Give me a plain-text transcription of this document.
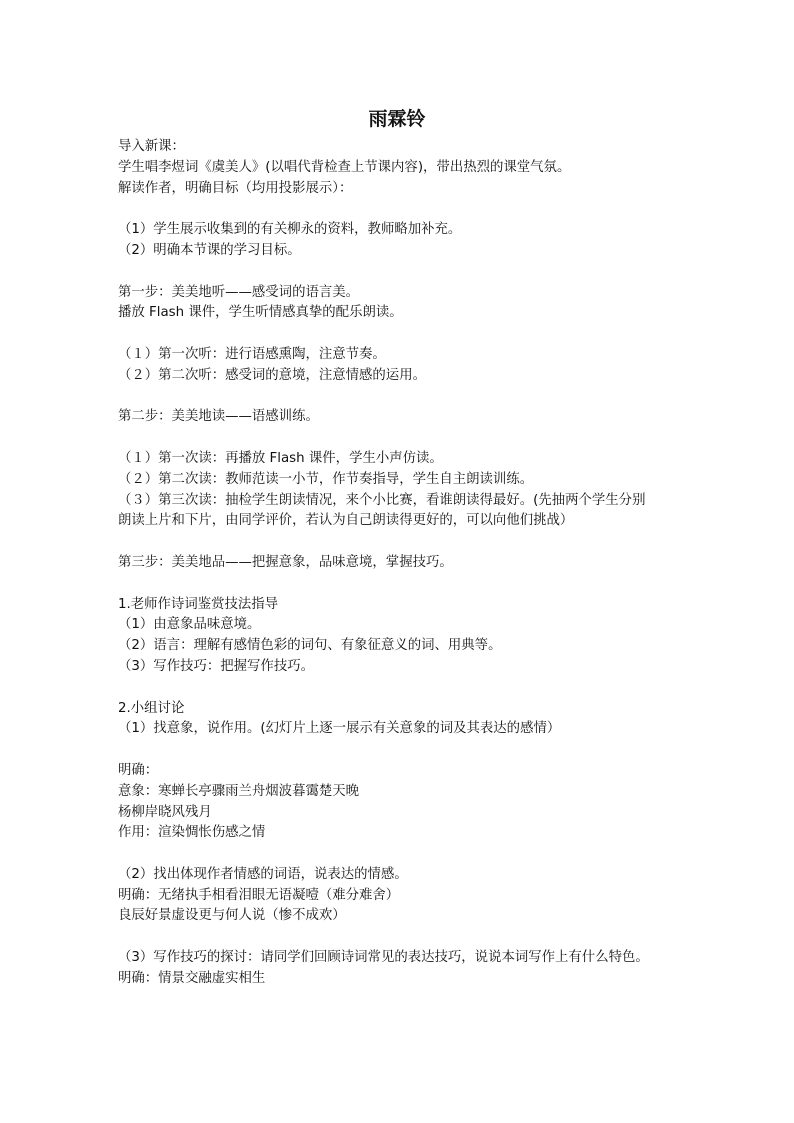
雨霖铃
导入新课：
学生唱李煜词《虞美人》(以唱代背检查上节课内容)，带出热烈的课堂气氛。
解读作者，明确目标（均用投影展示）：
（1）学生展示收集到的有关柳永的资料，教师略加补充。
（2）明确本节课的学习目标。
第一步：美美地听——感受词的语言美。
播放 Flash 课件，学生听情感真挚的配乐朗读。
（１）第一次听：进行语感熏陶，注意节奏。
（２）第二次听：感受词的意境，注意情感的运用。
第二步：美美地读——语感训练。
（１）第一次读：再播放 Flash 课件，学生小声仿读。
（２）第二次读：教师范读一小节，作节奏指导，学生自主朗读训练。
（３）第三次读：抽检学生朗读情况，来个小比赛，看谁朗读得最好。(先抽两个学生分别
朗读上片和下片，由同学评价，若认为自己朗读得更好的，可以向他们挑战）
第三步：美美地品——把握意象，品味意境，掌握技巧。
1.老师作诗词鉴赏技法指导
（1）由意象品味意境。
（2）语言：理解有感情色彩的词句、有象征意义的词、用典等。
（3）写作技巧：把握写作技巧。
2.小组讨论
（1）找意象，说作用。(幻灯片上逐一展示有关意象的词及其表达的感情）
明确：
意象：寒蝉长亭骤雨兰舟烟波暮霭楚天晚
杨柳岸晓风残月
作用：渲染惆怅伤感之情
（2）找出体现作者情感的词语，说表达的情感。
明确：无绪执手相看泪眼无语凝噎（难分难舍）
良辰好景虚设更与何人说（惨不成欢）
（3）写作技巧的探讨：请同学们回顾诗词常见的表达技巧，说说本词写作上有什么特色。
明确：情景交融虚实相生
